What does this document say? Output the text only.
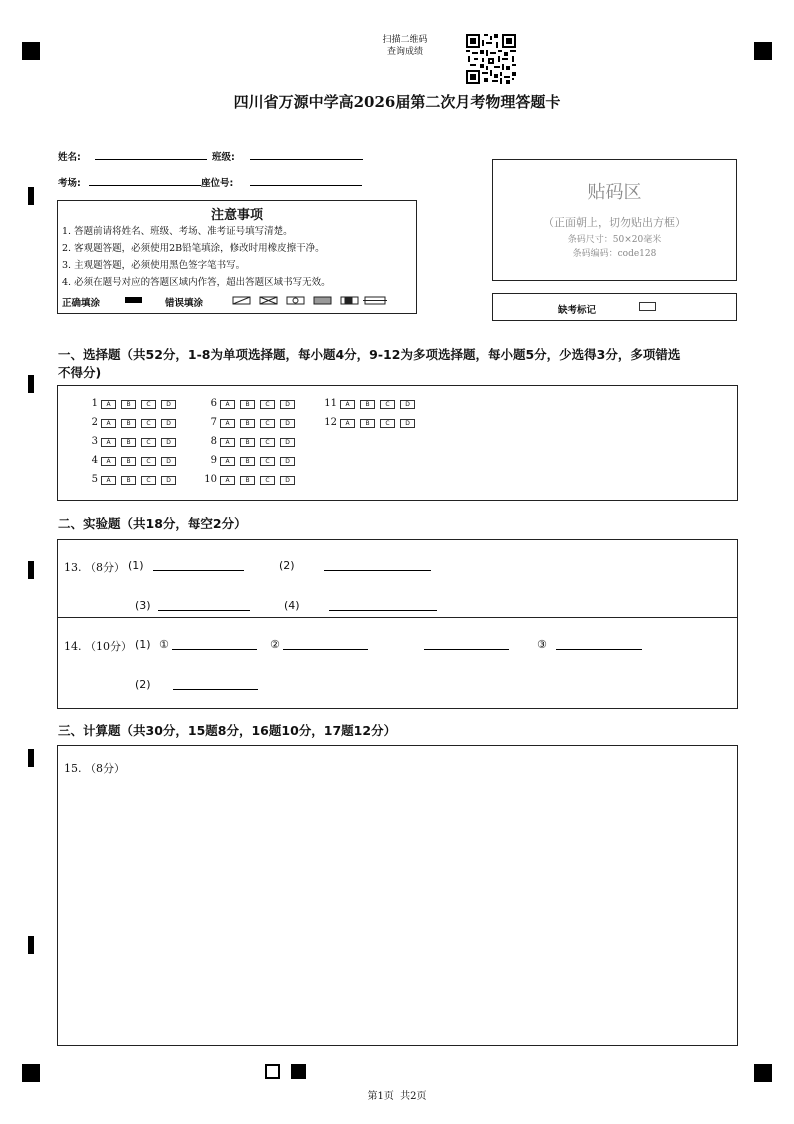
扫描二维码
查询成绩
四川省万源中学高2026届第二次月考物理答题卡
姓名:	班级:
考场:	座位号:	贴码区
（正面朝上，切勿贴出方框）
条码尺寸：50×20毫米
条码编码：code128
缺考标记
注意事项
1. 答题前请将姓名、班级、考场、准考证号填写清楚。
2. 客观题答题，必须使用2B铅笔填涂，修改时用橡皮擦干净。
3. 主观题答题，必须使用黑色签字笔书写。
4. 必须在题号对应的答题区域内作答，超出答题区域书写无效。
正确填涂	错误填涂
一、选择题（共52分，1-8为单项选择题，每小题4分，9-12为多项选择题，每小题5分，少选得3分，多项错选
不得分)
1 A	B	C	D
2 A	B	C	D
3 A	B	C	D
4 A	B	C	D
5 A	B	C	D
6 A	B	C	D
7 A	B	C	D
8 A	B	C	D
9 A	B	C	D
10 A	B	C	D
11 A	B	C	D
12 A	B	C	D
二、实验题（共18分，每空2分）
13. （8分） (1)	(2)
(3)	(4)
14. （10分） (1) ①	②	③
(2)
三、计算题（共30分，15题8分，16题10分，17题12分）
15. （8分）
第1页  共2页
